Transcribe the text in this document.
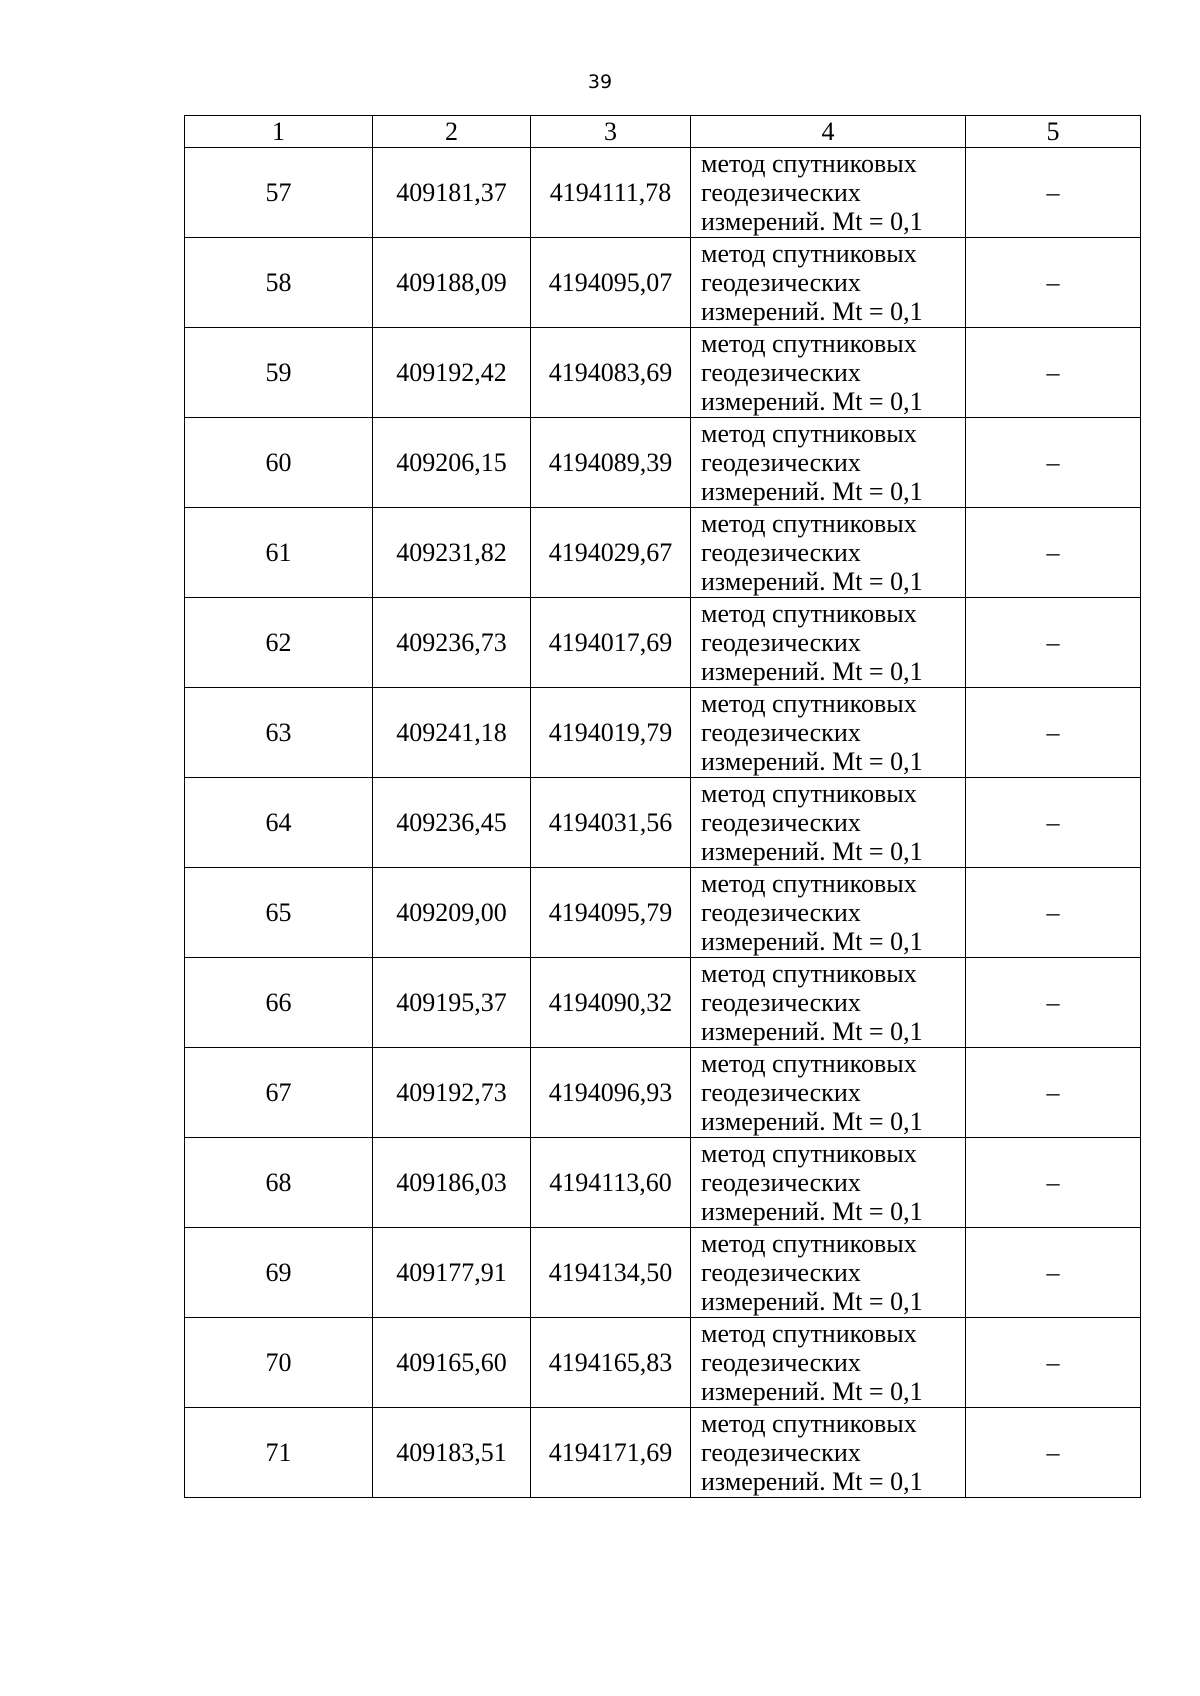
39
1	2	3	4	5
57	409181,37	4194111,78	метод спутниковых
геодезических
измерений. Mt = 0,1	–
58	409188,09	4194095,07	метод спутниковых
геодезических
измерений. Mt = 0,1	–
59	409192,42	4194083,69	метод спутниковых
геодезических
измерений. Mt = 0,1	–
60	409206,15	4194089,39	метод спутниковых
геодезических
измерений. Mt = 0,1	–
61	409231,82	4194029,67	метод спутниковых
геодезических
измерений. Mt = 0,1	–
62	409236,73	4194017,69	метод спутниковых
геодезических
измерений. Mt = 0,1	–
63	409241,18	4194019,79	метод спутниковых
геодезических
измерений. Mt = 0,1	–
64	409236,45	4194031,56	метод спутниковых
геодезических
измерений. Mt = 0,1	–
65	409209,00	4194095,79	метод спутниковых
геодезических
измерений. Mt = 0,1	–
66	409195,37	4194090,32	метод спутниковых
геодезических
измерений. Mt = 0,1	–
67	409192,73	4194096,93	метод спутниковых
геодезических
измерений. Mt = 0,1	–
68	409186,03	4194113,60	метод спутниковых
геодезических
измерений. Mt = 0,1	–
69	409177,91	4194134,50	метод спутниковых
геодезических
измерений. Mt = 0,1	–
70	409165,60	4194165,83	метод спутниковых
геодезических
измерений. Mt = 0,1	–
71	409183,51	4194171,69	метод спутниковых
геодезических
измерений. Mt = 0,1	–
